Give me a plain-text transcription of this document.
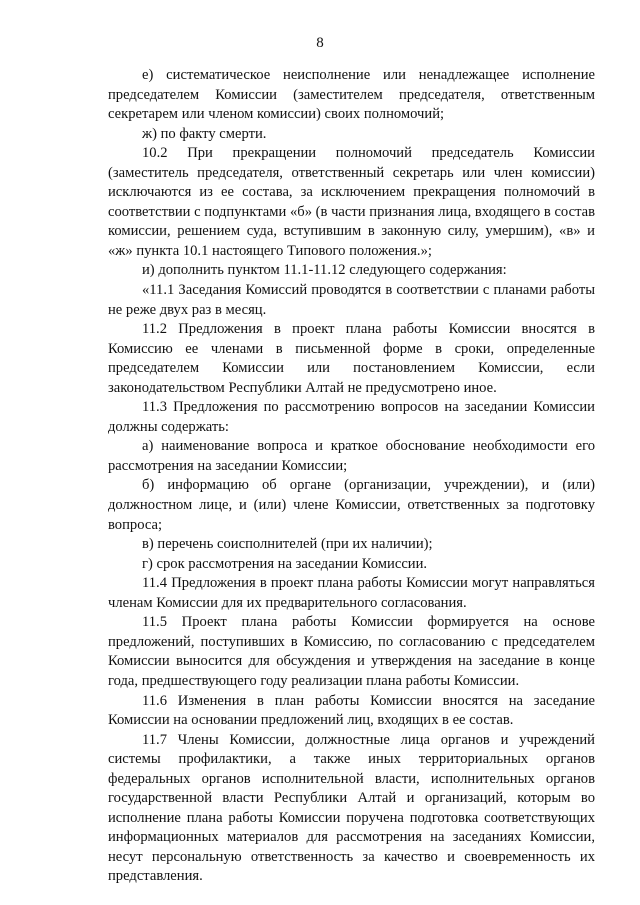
8

е) систематическое неисполнение или ненадлежащее исполнение председателем Комиссии (заместителем председателя, ответственным секретарем или членом комиссии) своих полномочий;

ж) по факту смерти.

10.2 При прекращении полномочий председатель Комиссии (заместитель председателя, ответственный секретарь или член комиссии) исключаются из ее состава, за исключением прекращения полномочий в соответствии с подпунктами «б» (в части признания лица, входящего в состав комиссии, решением суда, вступившим в законную силу, умершим), «в» и «ж» пункта 10.1 настоящего Типового положения.»;

и) дополнить пунктом 11.1-11.12 следующего содержания:

«11.1 Заседания Комиссий проводятся в соответствии с планами работы не реже двух раз в месяц.

11.2 Предложения в проект плана работы Комиссии вносятся в Комиссию ее членами в письменной форме в сроки, определенные председателем Комиссии или постановлением Комиссии, если законодательством Республики Алтай не предусмотрено иное.

11.3 Предложения по рассмотрению вопросов на заседании Комиссии должны содержать:

а) наименование вопроса и краткое обоснование необходимости его рассмотрения на заседании Комиссии;

б) информацию об органе (организации, учреждении), и (или) должностном лице, и (или) члене Комиссии, ответственных за подготовку вопроса;

в) перечень соисполнителей (при их наличии);

г) срок рассмотрения на заседании Комиссии.

11.4 Предложения в проект плана работы Комиссии могут направляться членам Комиссии для их предварительного согласования.

11.5 Проект плана работы Комиссии формируется на основе предложений, поступивших в Комиссию, по согласованию с председателем Комиссии выносится для обсуждения и утверждения на заседание в конце года, предшествующего году реализации плана работы Комиссии.

11.6 Изменения в план работы Комиссии вносятся на заседание Комиссии на основании предложений лиц, входящих в ее состав.

11.7 Члены Комиссии, должностные лица органов и учреждений системы профилактики, а также иных территориальных органов федеральных органов исполнительной власти, исполнительных органов государственной власти Республики Алтай и организаций, которым во исполнение плана работы Комиссии поручена подготовка соответствующих информационных материалов для рассмотрения на заседаниях Комиссии, несут персональную ответственность за качество и своевременность их представления.
